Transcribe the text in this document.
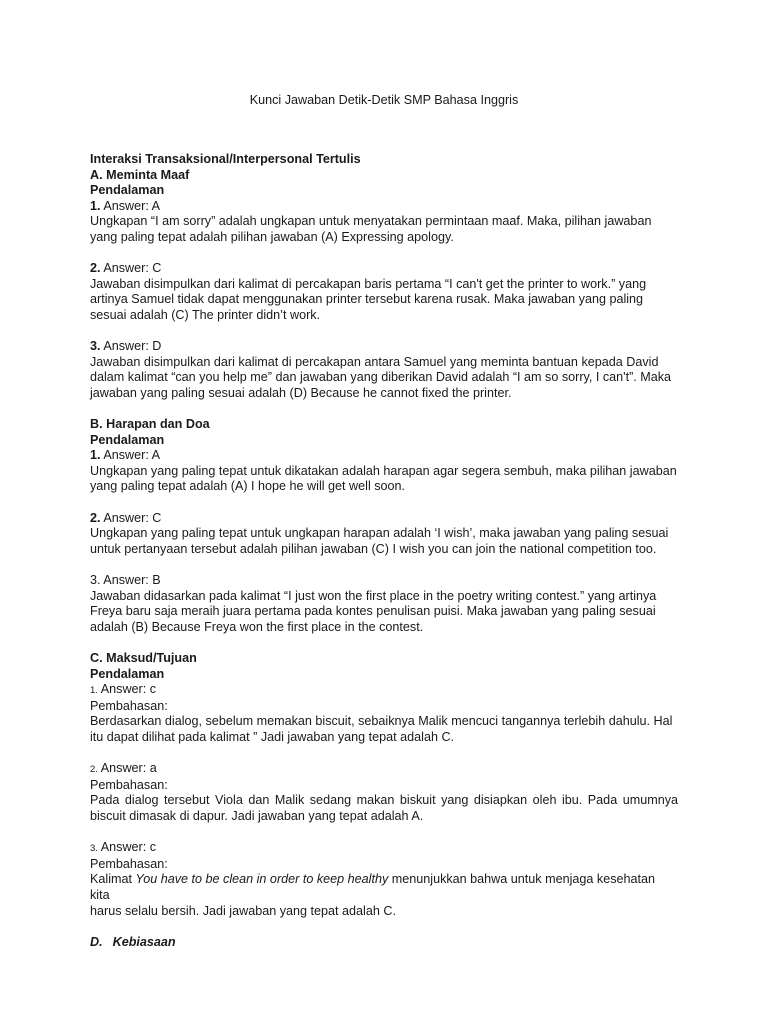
Kunci Jawaban Detik-Detik SMP Bahasa Inggris

Interaksi Transaksional/Interpersonal Tertulis

A. Meminta Maaf

Pendalaman

1. Answer: A

Ungkapan “I am sorry” adalah ungkapan untuk menyatakan permintaan maaf. Maka, pilihan jawaban

yang paling tepat adalah pilihan jawaban (A) Expressing apology.

2. Answer: C

Jawaban disimpulkan dari kalimat di percakapan baris pertama “I can't get the printer to work.” yang

artinya Samuel tidak dapat menggunakan printer tersebut karena rusak. Maka jawaban yang paling

sesuai adalah (C) The printer didn’t work.

3. Answer: D

Jawaban disimpulkan dari kalimat di percakapan antara Samuel yang meminta bantuan kepada David

dalam kalimat “can you help me” dan jawaban yang diberikan David adalah “I am so sorry, I can't”. Maka

jawaban yang paling sesuai adalah (D) Because he cannot fixed the printer.

B. Harapan dan Doa

Pendalaman

1. Answer: A

Ungkapan yang paling tepat untuk dikatakan adalah harapan agar segera sembuh, maka pilihan jawaban

yang paling tepat adalah (A) I hope he will get well soon.

2. Answer: C

Ungkapan yang paling tepat untuk ungkapan harapan adalah ‘I wish’, maka jawaban yang paling sesuai

untuk pertanyaan tersebut adalah pilihan jawaban (C) I wish you can join the national competition too.

3. Answer: B

Jawaban didasarkan pada kalimat “I just won the first place in the poetry writing contest.” yang artinya

Freya baru saja meraih juara pertama pada kontes penulisan puisi. Maka jawaban yang paling sesuai

adalah (B) Because Freya won the first place in the contest.

C. Maksud/Tujuan

Pendalaman

1. Answer: c

Pembahasan:

Berdasarkan dialog, sebelum memakan biscuit, sebaiknya Malik mencuci tangannya terlebih dahulu. Hal

itu dapat dilihat pada kalimat ” Jadi jawaban yang tepat adalah C.

2. Answer: a

Pembahasan:

Pada dialog tersebut Viola dan Malik sedang makan biskuit yang disiapkan oleh ibu. Pada umumnya

biscuit dimasak di dapur. Jadi jawaban yang tepat adalah A.

3. Answer: c

Pembahasan:

Kalimat You have to be clean in order to keep healthy menunjukkan bahwa untuk menjaga kesehatan kita

harus selalu bersih. Jadi jawaban yang tepat adalah C.

D. Kebiasaan
